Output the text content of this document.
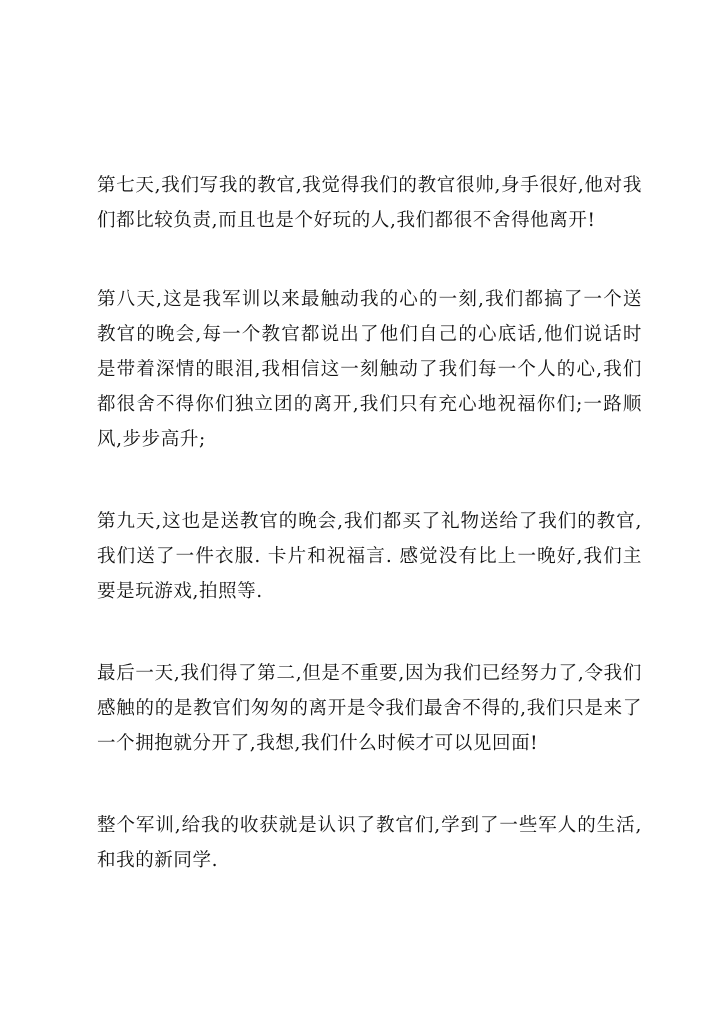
第七天,我们写我的教官,我觉得我们的教官很帅,身手很好,他对我们都比较负责,而且也是个好玩的人,我们都很不舍得他离开!

第八天,这是我军训以来最触动我的心的一刻,我们都搞了一个送教官的晚会,每一个教官都说出了他们自己的心底话,他们说话时是带着深情的眼泪,我相信这一刻触动了我们每一个人的心,我们都很舍不得你们独立团的离开,我们只有充心地祝福你们;一路顺风,步步高升;

第九天,这也是送教官的晚会,我们都买了礼物送给了我们的教官,我们送了一件衣服. 卡片和祝福言. 感觉没有比上一晚好,我们主要是玩游戏,拍照等.

最后一天,我们得了第二,但是不重要,因为我们已经努力了,令我们感触的的是教官们匆匆的离开是令我们最舍不得的,我们只是来了一个拥抱就分开了,我想,我们什么时候才可以见回面!

整个军训,给我的收获就是认识了教官们,学到了一些军人的生活,和我的新同学.
